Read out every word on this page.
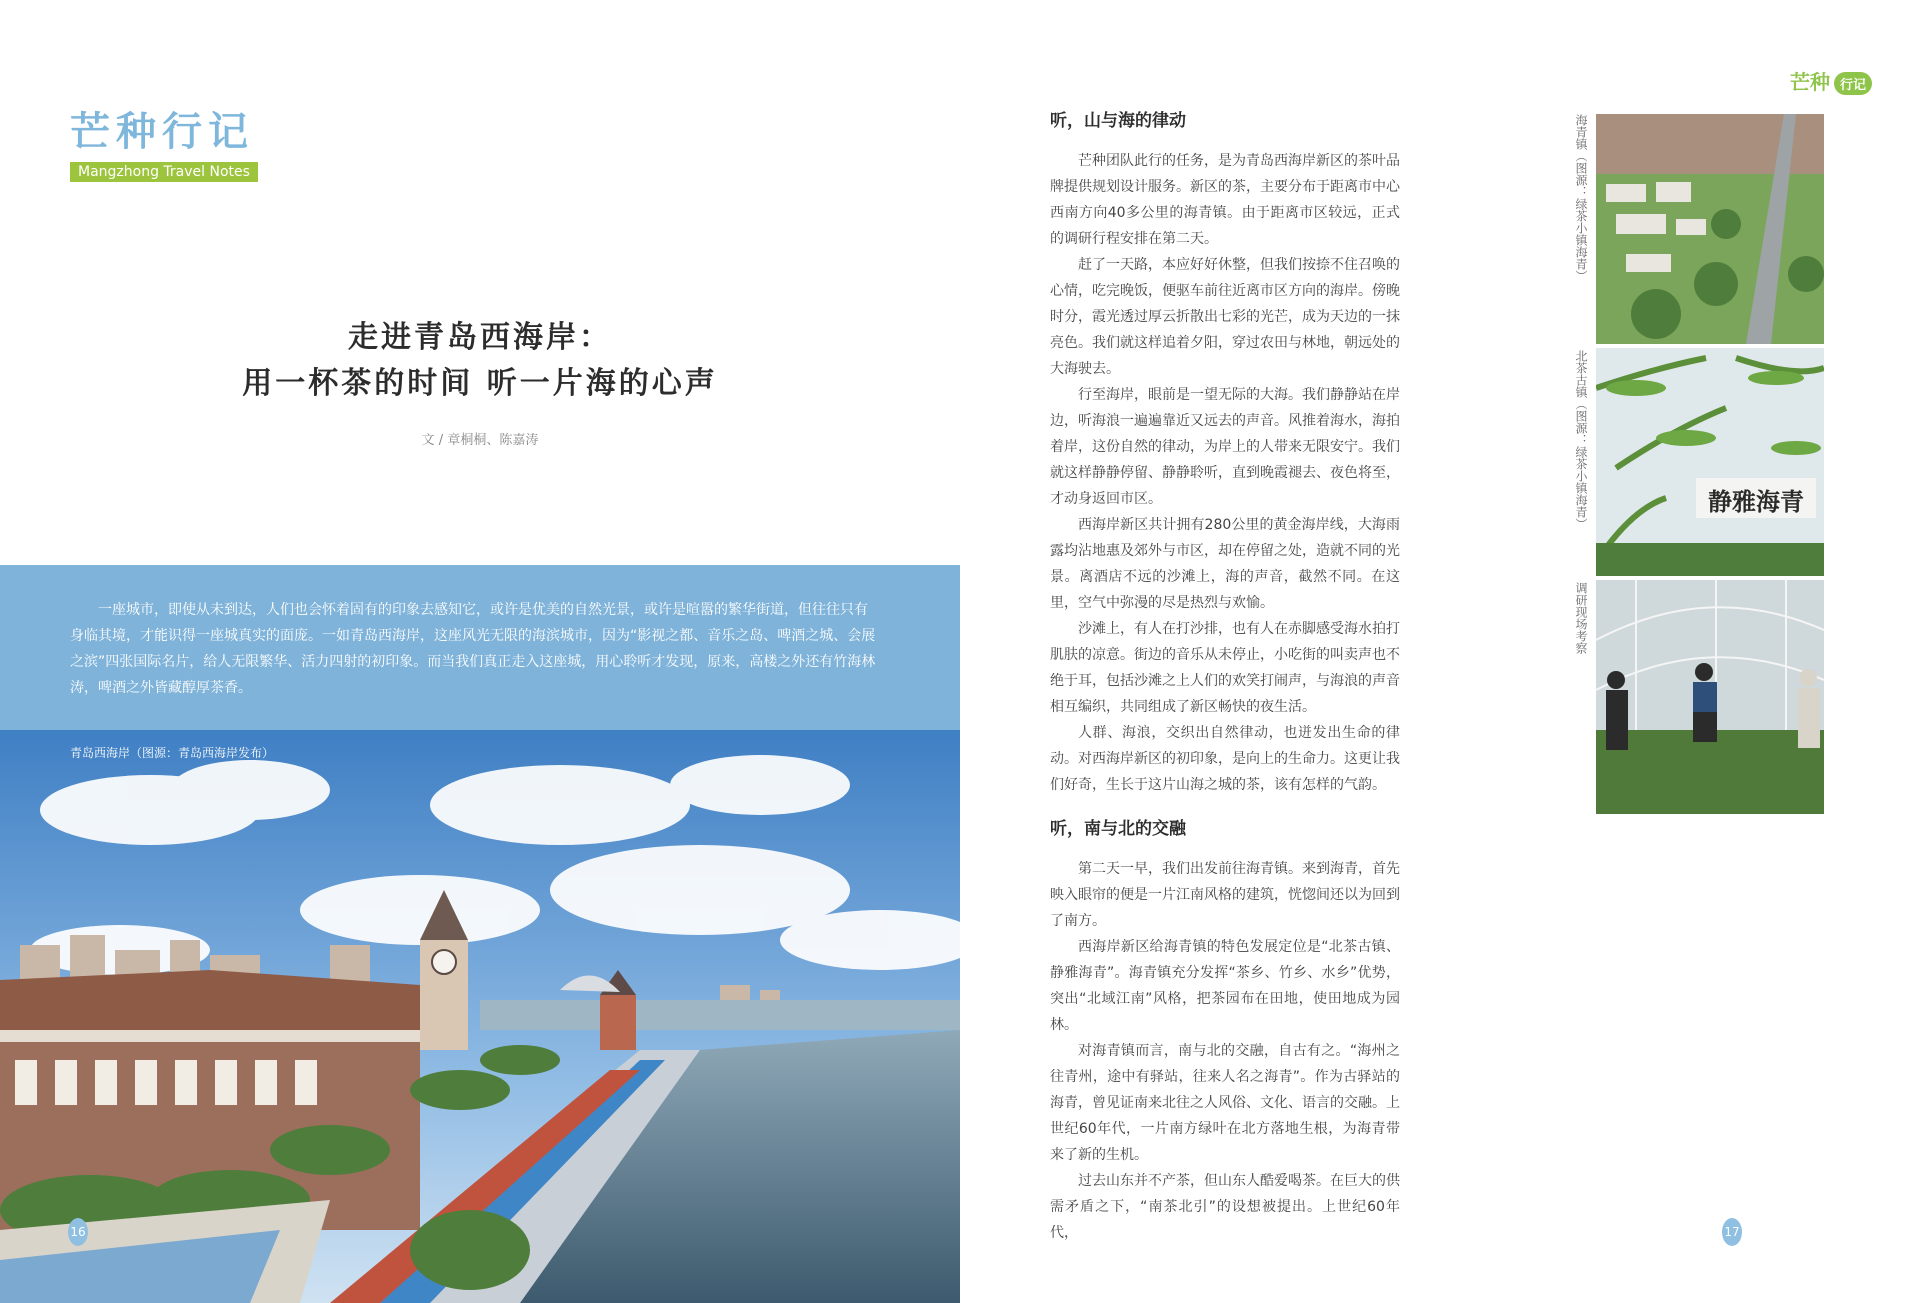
芒种行记
Mangzhong Travel Notes
走进青岛西海岸：
用一杯茶的时间 听一片海的心声
文 / 章桐桐、陈嘉涛
一座城市，即使从未到达，人们也会怀着固有的印象去感知它，或许是优美的自然光景，或许是喧嚣的繁华街道，但往往只有身临其境，才能识得一座城真实的面庞。一如青岛西海岸，这座风光无限的海滨城市，因为“影视之都、音乐之岛、啤酒之城、会展之滨”四张国际名片，给人无限繁华、活力四射的初印象。而当我们真正走入这座城，用心聆听才发现，原来，高楼之外还有竹海林涛，啤酒之外皆藏醇厚茶香。
青岛西海岸（图源：青岛西海岸发布）
16
芒种 行记
听，山与海的律动

芒种团队此行的任务，是为青岛西海岸新区的茶叶品牌提供规划设计服务。新区的茶，主要分布于距离市中心西南方向40多公里的海青镇。由于距离市区较远，正式的调研行程安排在第二天。

赶了一天路，本应好好休整，但我们按捺不住召唤的心情，吃完晚饭，便驱车前往近离市区方向的海岸。傍晚时分，霞光透过厚云折散出七彩的光芒，成为天边的一抹亮色。我们就这样追着夕阳，穿过农田与林地，朝远处的大海驶去。

行至海岸，眼前是一望无际的大海。我们静静站在岸边，听海浪一遍遍靠近又远去的声音。风推着海水，海拍着岸，这份自然的律动，为岸上的人带来无限安宁。我们就这样静静停留、静静聆听，直到晚霞褪去、夜色将至，才动身返回市区。

西海岸新区共计拥有280公里的黄金海岸线，大海雨露均沾地惠及郊外与市区，却在停留之处，造就不同的光景。离酒店不远的沙滩上，海的声音，截然不同。在这里，空气中弥漫的尽是热烈与欢愉。

沙滩上，有人在打沙排，也有人在赤脚感受海水拍打肌肤的凉意。街边的音乐从未停止，小吃街的叫卖声也不绝于耳，包括沙滩之上人们的欢笑打闹声，与海浪的声音相互编织，共同组成了新区畅快的夜生活。

人群、海浪，交织出自然律动，也迸发出生命的律动。对西海岸新区的初印象，是向上的生命力。这更让我们好奇，生长于这片山海之城的茶，该有怎样的气韵。

听，南与北的交融

第二天一早，我们出发前往海青镇。来到海青，首先映入眼帘的便是一片江南风格的建筑，恍惚间还以为回到了南方。

西海岸新区给海青镇的特色发展定位是“北茶古镇、静雅海青”。海青镇充分发挥“茶乡、竹乡、水乡”优势，突出“北域江南”风格，把茶园布在田地，使田地成为园林。

对海青镇而言，南与北的交融，自古有之。“海州之往青州，途中有驿站，往来人名之海青”。作为古驿站的海青，曾见证南来北往之人风俗、文化、语言的交融。上世纪60年代，一片南方绿叶在北方落地生根，为海青带来了新的生机。

过去山东并不产茶，但山东人酷爱喝茶。在巨大的供需矛盾之下，“南茶北引”的设想被提出。上世纪60年代，

海青镇（图源：绿茶小镇海青）
北茶古镇（图源：绿茶小镇海青）	静雅海青
调研现场考察
17
